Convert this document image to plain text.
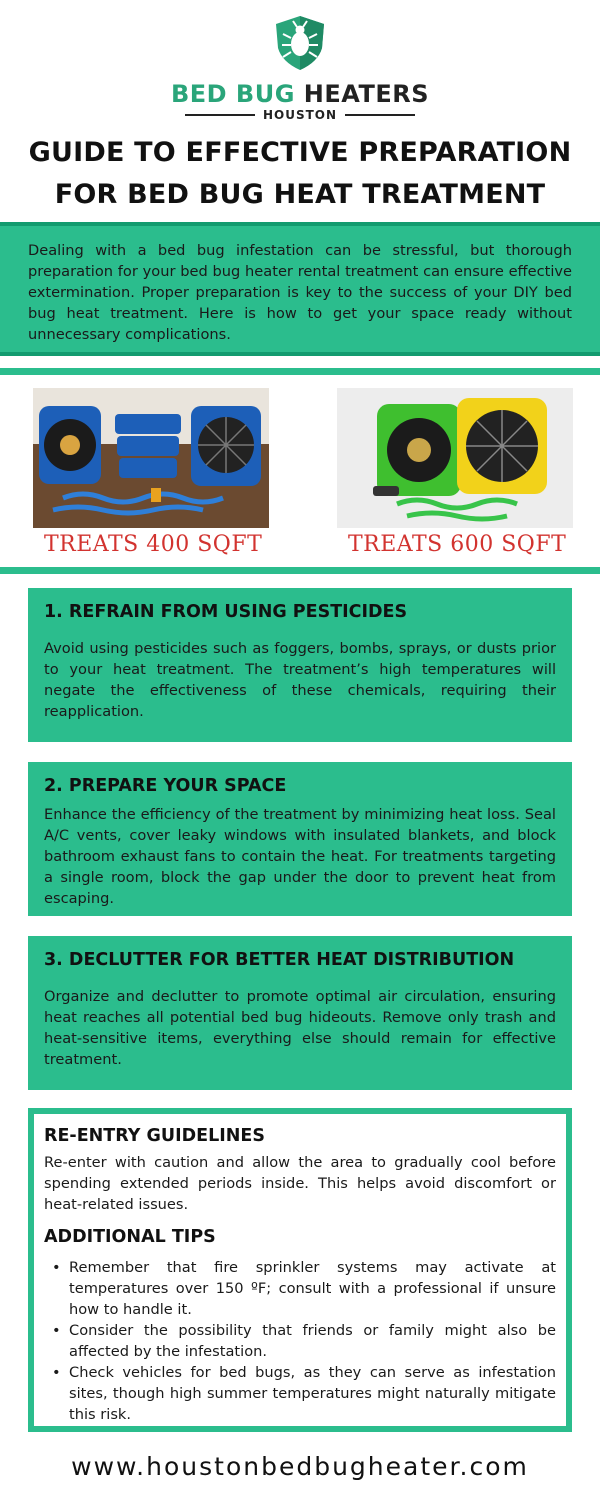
BED BUG HEATERS
HOUSTON
GUIDE TO EFFECTIVE PREPARATION
FOR BED BUG HEAT TREATMENT
Dealing with a bed bug infestation can be stressful, but thorough preparation for your bed bug heater rental treatment can ensure effective extermination. Proper preparation is key to the success of your DIY bed bug heat treatment. Here is how to get your space ready without unnecessary complications.
TREATS 400 SQFT	TREATS 600 SQFT
1. REFRAIN FROM USING PESTICIDES

Avoid using pesticides such as foggers, bombs, sprays, or dusts prior to your heat treatment. The treatment’s high temperatures will negate the effectiveness of these chemicals, requiring their reapplication.

2. PREPARE YOUR SPACE

Enhance the efficiency of the treatment by minimizing heat loss. Seal A/C vents, cover leaky windows with insulated blankets, and block bathroom exhaust fans to contain the heat. For treatments targeting a single room, block the gap under the door to prevent heat from escaping.

3. DECLUTTER FOR BETTER HEAT DISTRIBUTION

Organize and declutter to promote optimal air circulation, ensuring heat reaches all potential bed bug hideouts. Remove only trash and heat-sensitive items, everything else should remain for effective treatment.

RE-ENTRY GUIDELINES

Re-enter with caution and allow the area to gradually cool before spending extended periods inside. This helps avoid discomfort or heat-related issues.

ADDITIONAL TIPS
• Remember that fire sprinkler systems may activate at temperatures over 150 ºF; consult with a professional if unsure how to handle it.
• Consider the possibility that friends or family might also be affected by the infestation.
• Check vehicles for bed bugs, as they can serve as infestation sites, though high summer temperatures might naturally mitigate this risk.
www.houstonbedbugheater.com
